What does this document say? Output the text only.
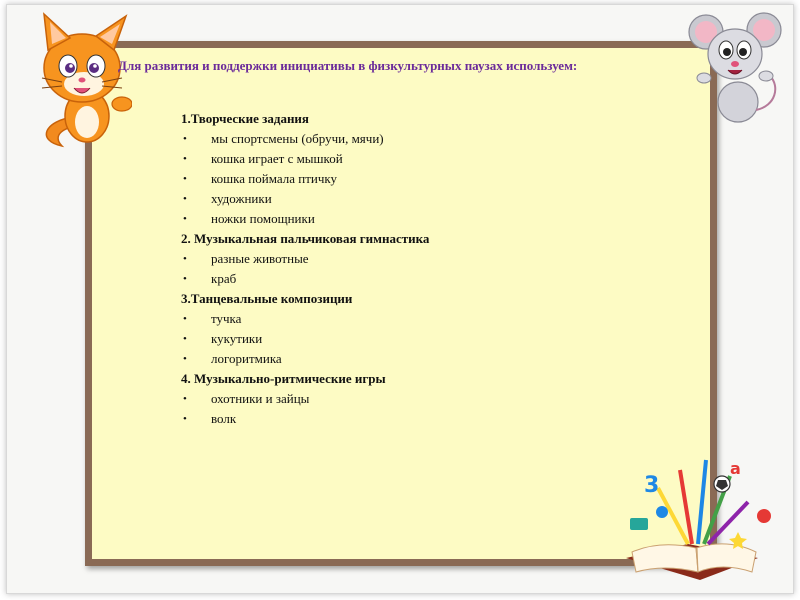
3
a
Для развития и поддержки инициативы в физкультурных паузах используем:
1.Творческие задания
• мы спортсмены (обручи, мячи)
• кошка играет с мышкой
• кошка поймала птичку
• художники
• ножки помощники
2. Музыкальная пальчиковая гимнастика
• разные животные
• краб
3.Танцевальные композиции
• тучка
• кукутики
• логоритмика
4. Музыкально-ритмические игры
• охотники и зайцы
• волк
